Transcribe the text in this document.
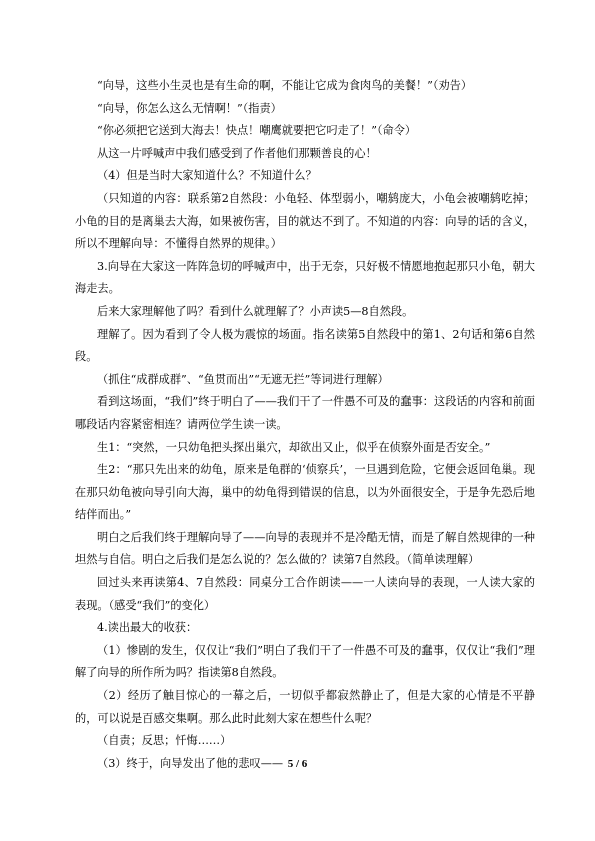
“向导，这些小生灵也是有生命的啊，不能让它成为食肉鸟的美餐！”（劝告）

“向导，你怎么这么无情啊！”（指责）

“你必须把它送到大海去！快点！嘲鹰就要把它叼走了！”（命令）

从这一片呼喊声中我们感受到了作者他们那颗善良的心！

（4）但是当时大家知道什么？不知道什么？

（只知道的内容：联系第2自然段：小龟轻、体型弱小，嘲鸫庞大，小龟会被嘲鸫吃掉；小龟的目的是离巢去大海，如果被伤害，目的就达不到了。不知道的内容：向导的话的含义，所以不理解向导：不懂得自然界的规律。）

3.向导在大家这一阵阵急切的呼喊声中，出于无奈，只好极不情愿地抱起那只小龟，朝大海走去。

后来大家理解他了吗？看到什么就理解了？小声读5—8自然段。

理解了。因为看到了令人极为震惊的场面。指名读第5自然段中的第1、2句话和第6自然段。

（抓住“成群成群”、“鱼贯而出”“无遮无拦”等词进行理解）

看到这场面，“我们”终于明白了——我们干了一件愚不可及的蠢事：这段话的内容和前面哪段话内容紧密相连？请两位学生读一读。

生1：“突然，一只幼龟把头探出巢穴，却欲出又止，似乎在侦察外面是否安全。”

生2：“那只先出来的幼龟，原来是龟群的‘侦察兵’，一旦遇到危险，它便会返回龟巢。现在那只幼龟被向导引向大海，巢中的幼龟得到错误的信息，以为外面很安全，于是争先恐后地结伴而出。”

明白之后我们终于理解向导了——向导的表现并不是冷酷无情，而是了解自然规律的一种坦然与自信。明白之后我们是怎么说的？怎么做的？读第7自然段。（简单读理解）

回过头来再读第4、7自然段：同桌分工合作朗读——一人读向导的表现，一人读大家的表现。（感受“我们”的变化）

4.读出最大的收获：

（1）惨剧的发生，仅仅让“我们”明白了我们干了一件愚不可及的蠢事，仅仅让“我们”理解了向导的所作所为吗？指读第8自然段。

（2）经历了触目惊心的一幕之后，一切似乎都寂然静止了，但是大家的心情是不平静的，可以说是百感交集啊。那么此时此刻大家在想些什么呢？

（自责；反思；忏悔……）

（3）终于，向导发出了他的悲叹—— 5 / 6
